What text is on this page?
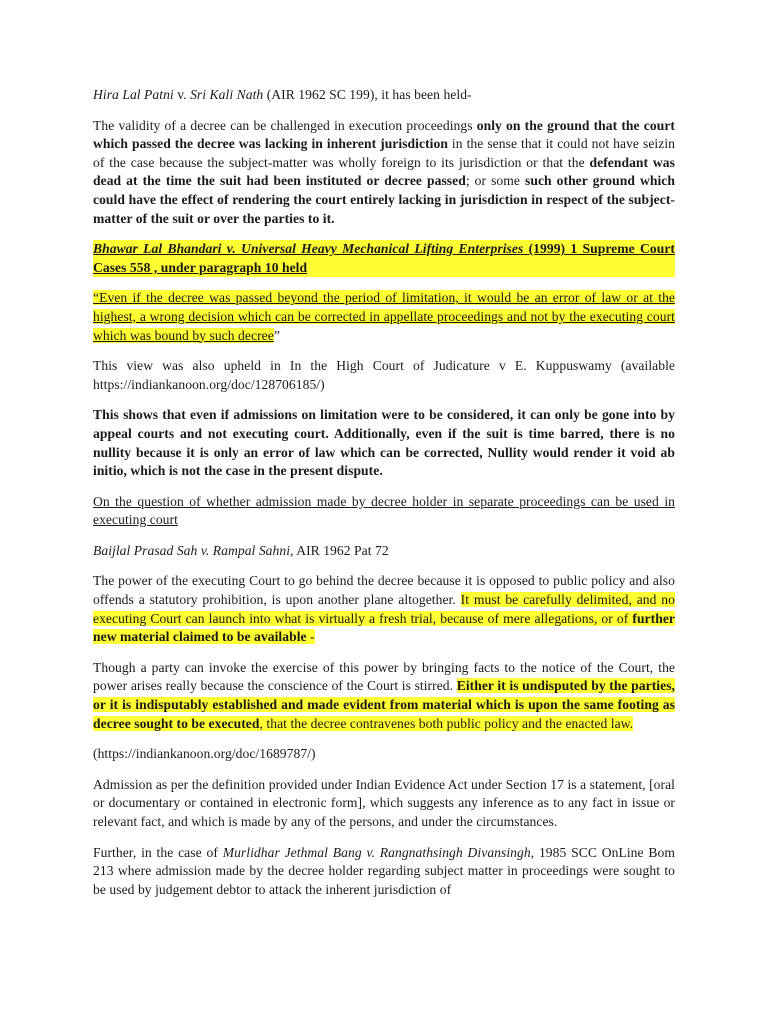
Hira Lal Patni v. Sri Kali Nath (AIR 1962 SC 199), it has been held-

The validity of a decree can be challenged in execution proceedings only on the ground that the court which passed the decree was lacking in inherent jurisdiction in the sense that it could not have seizin of the case because the subject-matter was wholly foreign to its jurisdiction or that the defendant was dead at the time the suit had been instituted or decree passed; or some such other ground which could have the effect of rendering the court entirely lacking in jurisdiction in respect of the subject-matter of the suit or over the parties to it.

Bhawar Lal Bhandari v. Universal Heavy Mechanical Lifting Enterprises (1999) 1 Supreme Court Cases 558 , under paragraph 10 held

“Even if the decree was passed beyond the period of limitation, it would be an error of law or at the highest, a wrong decision which can be corrected in appellate proceedings and not by the executing court which was bound by such decree”

This view was also upheld in In the High Court of Judicature v E. Kuppuswamy (available https://indiankanoon.org/doc/128706185/)

This shows that even if admissions on limitation were to be considered, it can only be gone into by appeal courts and not executing court. Additionally, even if the suit is time barred, there is no nullity because it is only an error of law which can be corrected, Nullity would render it void ab initio, which is not the case in the present dispute.

On the question of whether admission made by decree holder in separate proceedings can be used in executing court

Baijlal Prasad Sah v. Rampal Sahni, AIR 1962 Pat 72

The power of the executing Court to go behind the decree because it is opposed to public policy and also offends a statutory prohibition, is upon another plane altogether. It must be carefully delimited, and no executing Court can launch into what is virtually a fresh trial, because of mere allegations, or of further new material claimed to be available -

Though a party can invoke the exercise of this power by bringing facts to the notice of the Court, the power arises really because the conscience of the Court is stirred. Either it is undisputed by the parties, or it is indisputably established and made evident from material which is upon the same footing as decree sought to be executed, that the decree contravenes both public policy and the enacted law.

(https://indiankanoon.org/doc/1689787/)

Admission as per the definition provided under Indian Evidence Act under Section 17 is a statement, [oral or documentary or contained in electronic form], which suggests any inference as to any fact in issue or relevant fact, and which is made by any of the persons, and under the circumstances.

Further, in the case of Murlidhar Jethmal Bang v. Rangnathsingh Divansingh, 1985 SCC OnLine Bom 213 where admission made by the decree holder regarding subject matter in proceedings were sought to be used by judgement debtor to attack the inherent jurisdiction of
